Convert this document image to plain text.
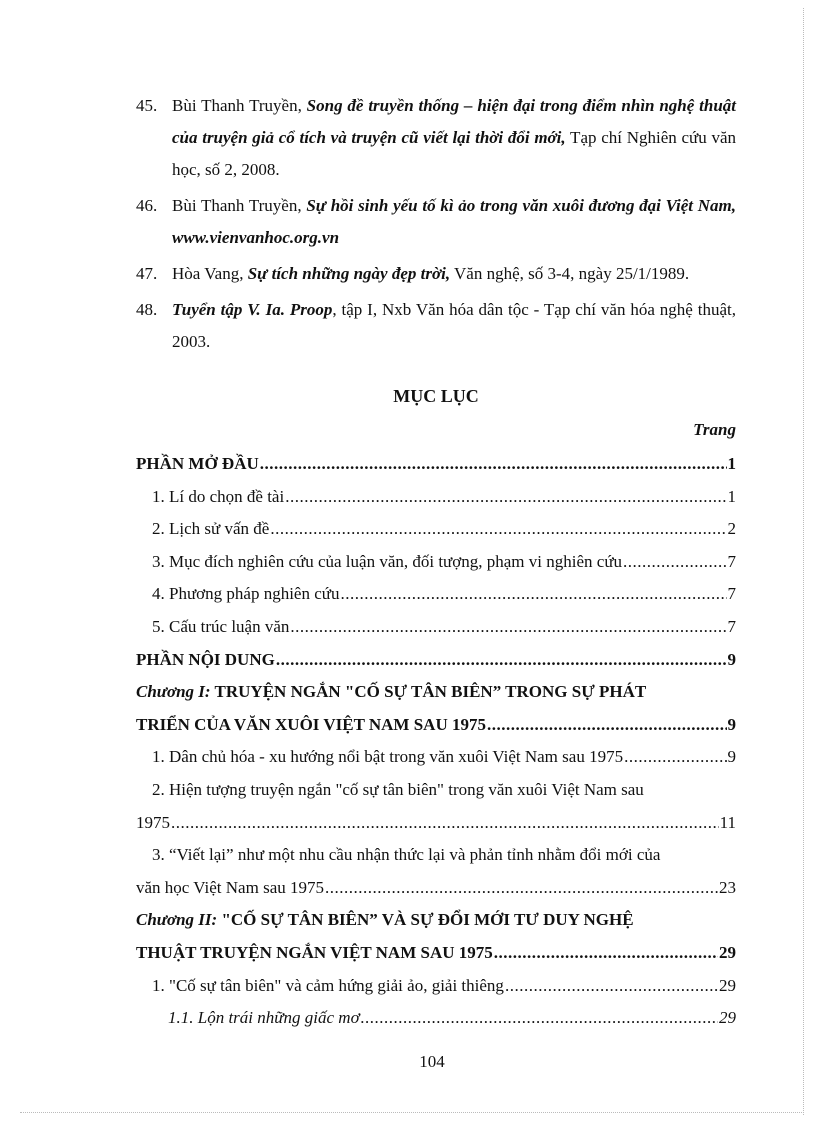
45. Bùi Thanh Truyền, Song đề truyền thống – hiện đại trong điểm nhìn nghệ thuật của truyện giả cổ tích và truyện cũ viết lại thời đổi mới, Tạp chí Nghiên cứu văn học, số 2, 2008.
46. Bùi Thanh Truyền, Sự hồi sinh yếu tố kì ảo trong văn xuôi đương đại Việt Nam, www.vienvanhoc.org.vn
47. Hòa Vang, Sự tích những ngày đẹp trời, Văn nghệ, số 3-4, ngày 25/1/1989.
48. Tuyển tập V. Ia. Proop, tập I, Nxb Văn hóa dân tộc - Tạp chí văn hóa nghệ thuật, 2003.
MỤC LỤC
Trang
PHẦN MỞ ĐẦU .....	1
1. Lí do chọn đề tài .....	1
2. Lịch sử vấn đề .....	2
3. Mục đích nghiên cứu của luận văn, đối tượng, phạm vi nghiên cứu .....	7
4. Phương pháp nghiên cứu .....	7
5. Cấu trúc luận văn .....	7
PHẦN NỘI DUNG .....	9
Chương I: TRUYỆN NGẮN "CỐ SỰ TÂN BIÊN” TRONG SỰ PHÁT
TRIỂN CỦA VĂN XUÔI VIỆT NAM SAU 1975 .....	9
1. Dân chủ hóa - xu hướng nổi bật trong văn xuôi Việt Nam sau 1975 .....	9
2. Hiện tượng truyện ngắn "cố sự tân biên" trong văn xuôi Việt Nam sau
1975 .....	11
3. “Viết lại” như một nhu cầu nhận thức lại và phản tỉnh nhằm đổi mới của
văn học Việt Nam sau 1975 .....	23
Chương II: "CỐ SỰ TÂN BIÊN” VÀ SỰ ĐỔI MỚI TƯ DUY NGHỆ
THUẬT TRUYỆN NGẮN VIỆT NAM SAU 1975 .....	29
1. "Cố sự tân biên" và cảm hứng giải ảo, giải thiêng .....	29
1.1. Lộn trái những giấc mơ .....	29
104
